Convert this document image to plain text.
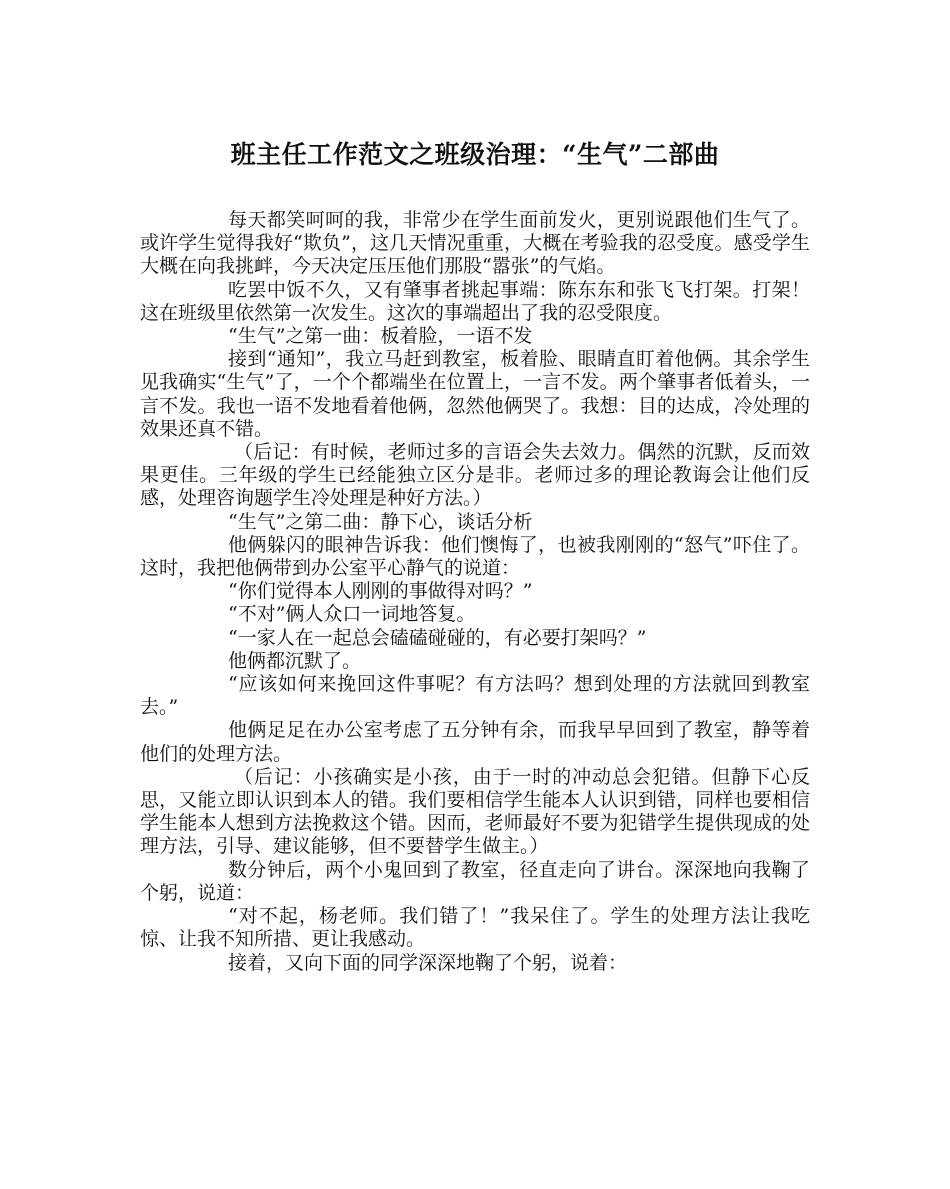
班主任工作范文之班级治理：“生气”二部曲

每天都笑呵呵的我，非常少在学生面前发火，更别说跟他们生气了。或许学生觉得我好“欺负”，这几天情况重重，大概在考验我的忍受度。感受学生大概在向我挑衅，今天决定压压他们那股“嚣张”的气焰。

吃罢中饭不久，又有肇事者挑起事端：陈东东和张飞飞打架。打架！这在班级里依然第一次发生。这次的事端超出了我的忍受限度。

“生气”之第一曲：板着脸，一语不发

接到“通知”，我立马赶到教室，板着脸、眼睛直盯着他俩。其余学生见我确实“生气”了，一个个都端坐在位置上，一言不发。两个肇事者低着头，一言不发。我也一语不发地看着他俩，忽然他俩哭了。我想：目的达成，冷处理的效果还真不错。

（后记：有时候，老师过多的言语会失去效力。偶然的沉默，反而效果更佳。三年级的学生已经能独立区分是非。老师过多的理论教诲会让他们反感，处理咨询题学生冷处理是种好方法。）

“生气”之第二曲：静下心，谈话分析

他俩躲闪的眼神告诉我：他们懊悔了，也被我刚刚的“怒气”吓住了。这时，我把他俩带到办公室平心静气的说道：

“你们觉得本人刚刚的事做得对吗？”

“不对”俩人众口一词地答复。

“一家人在一起总会磕磕碰碰的，有必要打架吗？”

他俩都沉默了。

“应该如何来挽回这件事呢？有方法吗？想到处理的方法就回到教室去。”

他俩足足在办公室考虑了五分钟有余，而我早早回到了教室，静等着他们的处理方法。

（后记：小孩确实是小孩，由于一时的冲动总会犯错。但静下心反思，又能立即认识到本人的错。我们要相信学生能本人认识到错，同样也要相信学生能本人想到方法挽救这个错。因而，老师最好不要为犯错学生提供现成的处理方法，引导、建议能够，但不要替学生做主。）

数分钟后，两个小鬼回到了教室，径直走向了讲台。深深地向我鞠了个躬，说道：

“对不起，杨老师。我们错了！”我呆住了。学生的处理方法让我吃惊、让我不知所措、更让我感动。

接着，又向下面的同学深深地鞠了个躬，说着：
